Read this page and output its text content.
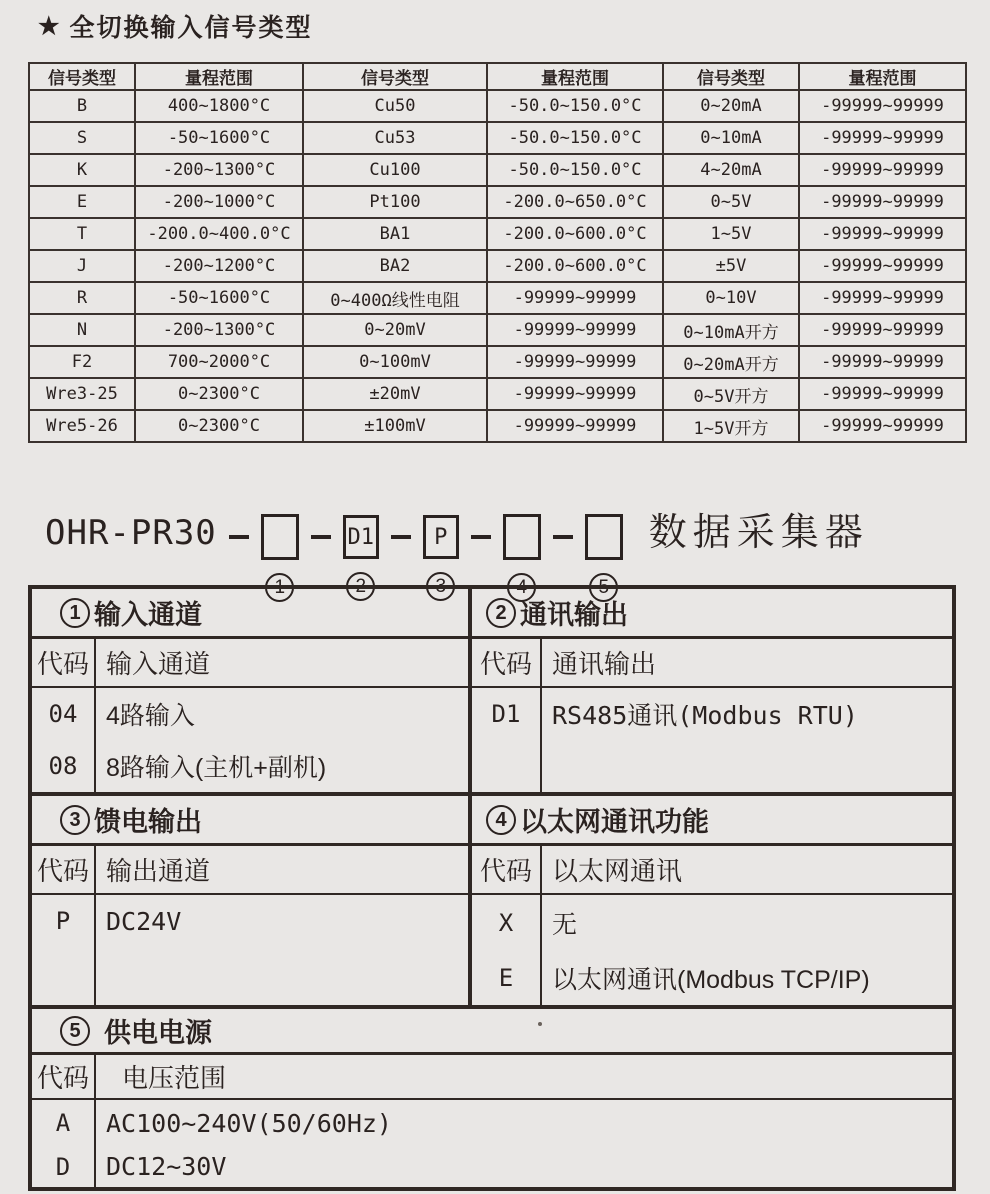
★ 全切换输入信号类型
信号类型	量程范围	信号类型	量程范围	信号类型	量程范围
B	400~1800°C	Cu50	-50.0~150.0°C	0~20mA	-99999~99999
S	-50~1600°C	Cu53	-50.0~150.0°C	0~10mA	-99999~99999
K	-200~1300°C	Cu100	-50.0~150.0°C	4~20mA	-99999~99999
E	-200~1000°C	Pt100	-200.0~650.0°C	0~5V	-99999~99999
T	-200.0~400.0°C	BA1	-200.0~600.0°C	1~5V	-99999~99999
J	-200~1200°C	BA2	-200.0~600.0°C	±5V	-99999~99999
R	-50~1600°C	0~400Ω线性电阻	-99999~99999	0~10V	-99999~99999
N	-200~1300°C	0~20mV	-99999~99999	0~10mA开方	-99999~99999
F2	700~2000°C	0~100mV	-99999~99999	0~20mA开方	-99999~99999
Wre3-25	0~2300°C	±20mV	-99999~99999	0~5V开方	-99999~99999
Wre5-26	0~2300°C	±100mV	-99999~99999	1~5V开方	-99999~99999
OHR-PR30
1
D1
2
P
3	4	5
数据采集器
1 输入通道
代码 输入通道
04	4路输入
08	8路输入(主机+副机)
2 通讯输出
代码 通讯输出
D1	RS485通讯(Modbus RTU)
3 馈电输出
代码 输出通道
P	DC24V
4 以太网通讯功能
代码 以太网通讯
X	无
E	以太网通讯(Modbus TCP/IP)
5 供电电源
代码	电压范围
A	AC100~240V(50/60Hz)
D	DC12~30V
